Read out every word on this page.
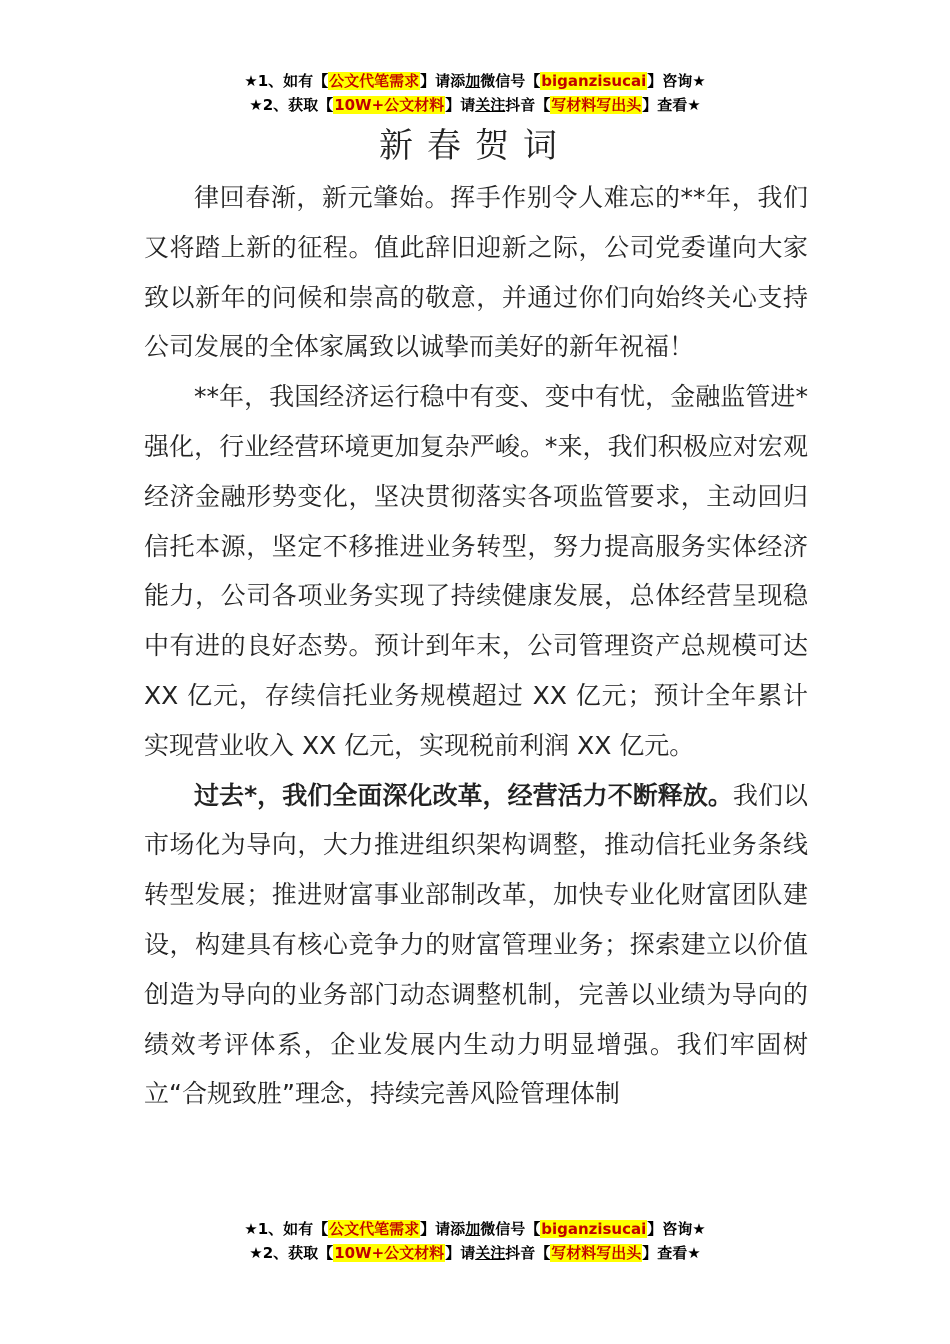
★1、如有【公文代笔需求】请添加微信号【biganzisucai】咨询★
★2、获取【10W+公文材料】请关注抖音【写材料写出头】查看★
新春贺词

律回春渐，新元肇始。挥手作别令人难忘的**年，我们又将踏上新的征程。值此辞旧迎新之际，公司党委谨向大家致以新年的问候和崇高的敬意，并通过你们向始终关心支持公司发展的全体家属致以诚挚而美好的新年祝福！

**年，我国经济运行稳中有变、变中有忧，金融监管进*强化，行业经营环境更加复杂严峻。*来，我们积极应对宏观经济金融形势变化，坚决贯彻落实各项监管要求，主动回归信托本源，坚定不移推进业务转型，努力提高服务实体经济能力，公司各项业务实现了持续健康发展，总体经营呈现稳中有进的良好态势。预计到年末，公司管理资产总规模可达 XX 亿元，存续信托业务规模超过 XX 亿元；预计全年累计实现营业收入 XX 亿元，实现税前利润 XX 亿元。

过去*，我们全面深化改革，经营活力不断释放。我们以市场化为导向，大力推进组织架构调整，推动信托业务条线转型发展；推进财富事业部制改革，加快专业化财富团队建设，构建具有核心竞争力的财富管理业务；探索建立以价值创造为导向的业务部门动态调整机制，完善以业绩为导向的绩效考评体系，企业发展内生动力明显增强。我们牢固树立“合规致胜”理念，持续完善风险管理体制

★1、如有【公文代笔需求】请添加微信号【biganzisucai】咨询★
★2、获取【10W+公文材料】请关注抖音【写材料写出头】查看★
